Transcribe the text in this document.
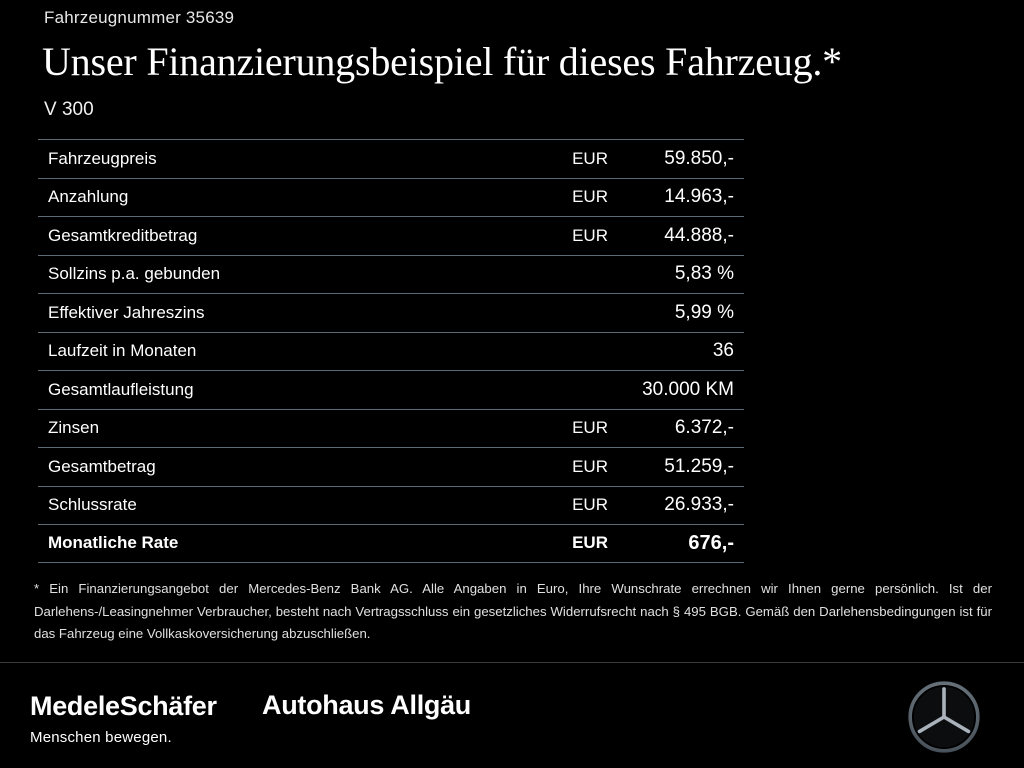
Fahrzeugnummer 35639
Unser Finanzierungsbeispiel für dieses Fahrzeug.*
V 300
Fahrzeugpreis	EUR	59.850,-
Anzahlung	EUR	14.963,-
Gesamtkreditbetrag	EUR	44.888,-
Sollzins p.a. gebunden	5,83 %
Effektiver Jahreszins	5,99 %
Laufzeit in Monaten	36
Gesamtlaufleistung	30.000 KM
Zinsen	EUR	6.372,-
Gesamtbetrag	EUR	51.259,-
Schlussrate	EUR	26.933,-
Monatliche Rate	EUR	676,-
* Ein Finanzierungsangebot der Mercedes-Benz Bank AG. Alle Angaben in Euro, Ihre Wunschrate errechnen wir Ihnen gerne persönlich. Ist der Darlehens-/Leasingnehmer Verbraucher, besteht nach Vertragsschluss ein gesetzliches Widerrufsrecht nach § 495 BGB. Gemäß den Darlehensbedingungen ist für das Fahrzeug eine Vollkaskoversicherung abzuschließen.
MedeleSchäfer
Menschen bewegen.
Autohaus Allgäu
